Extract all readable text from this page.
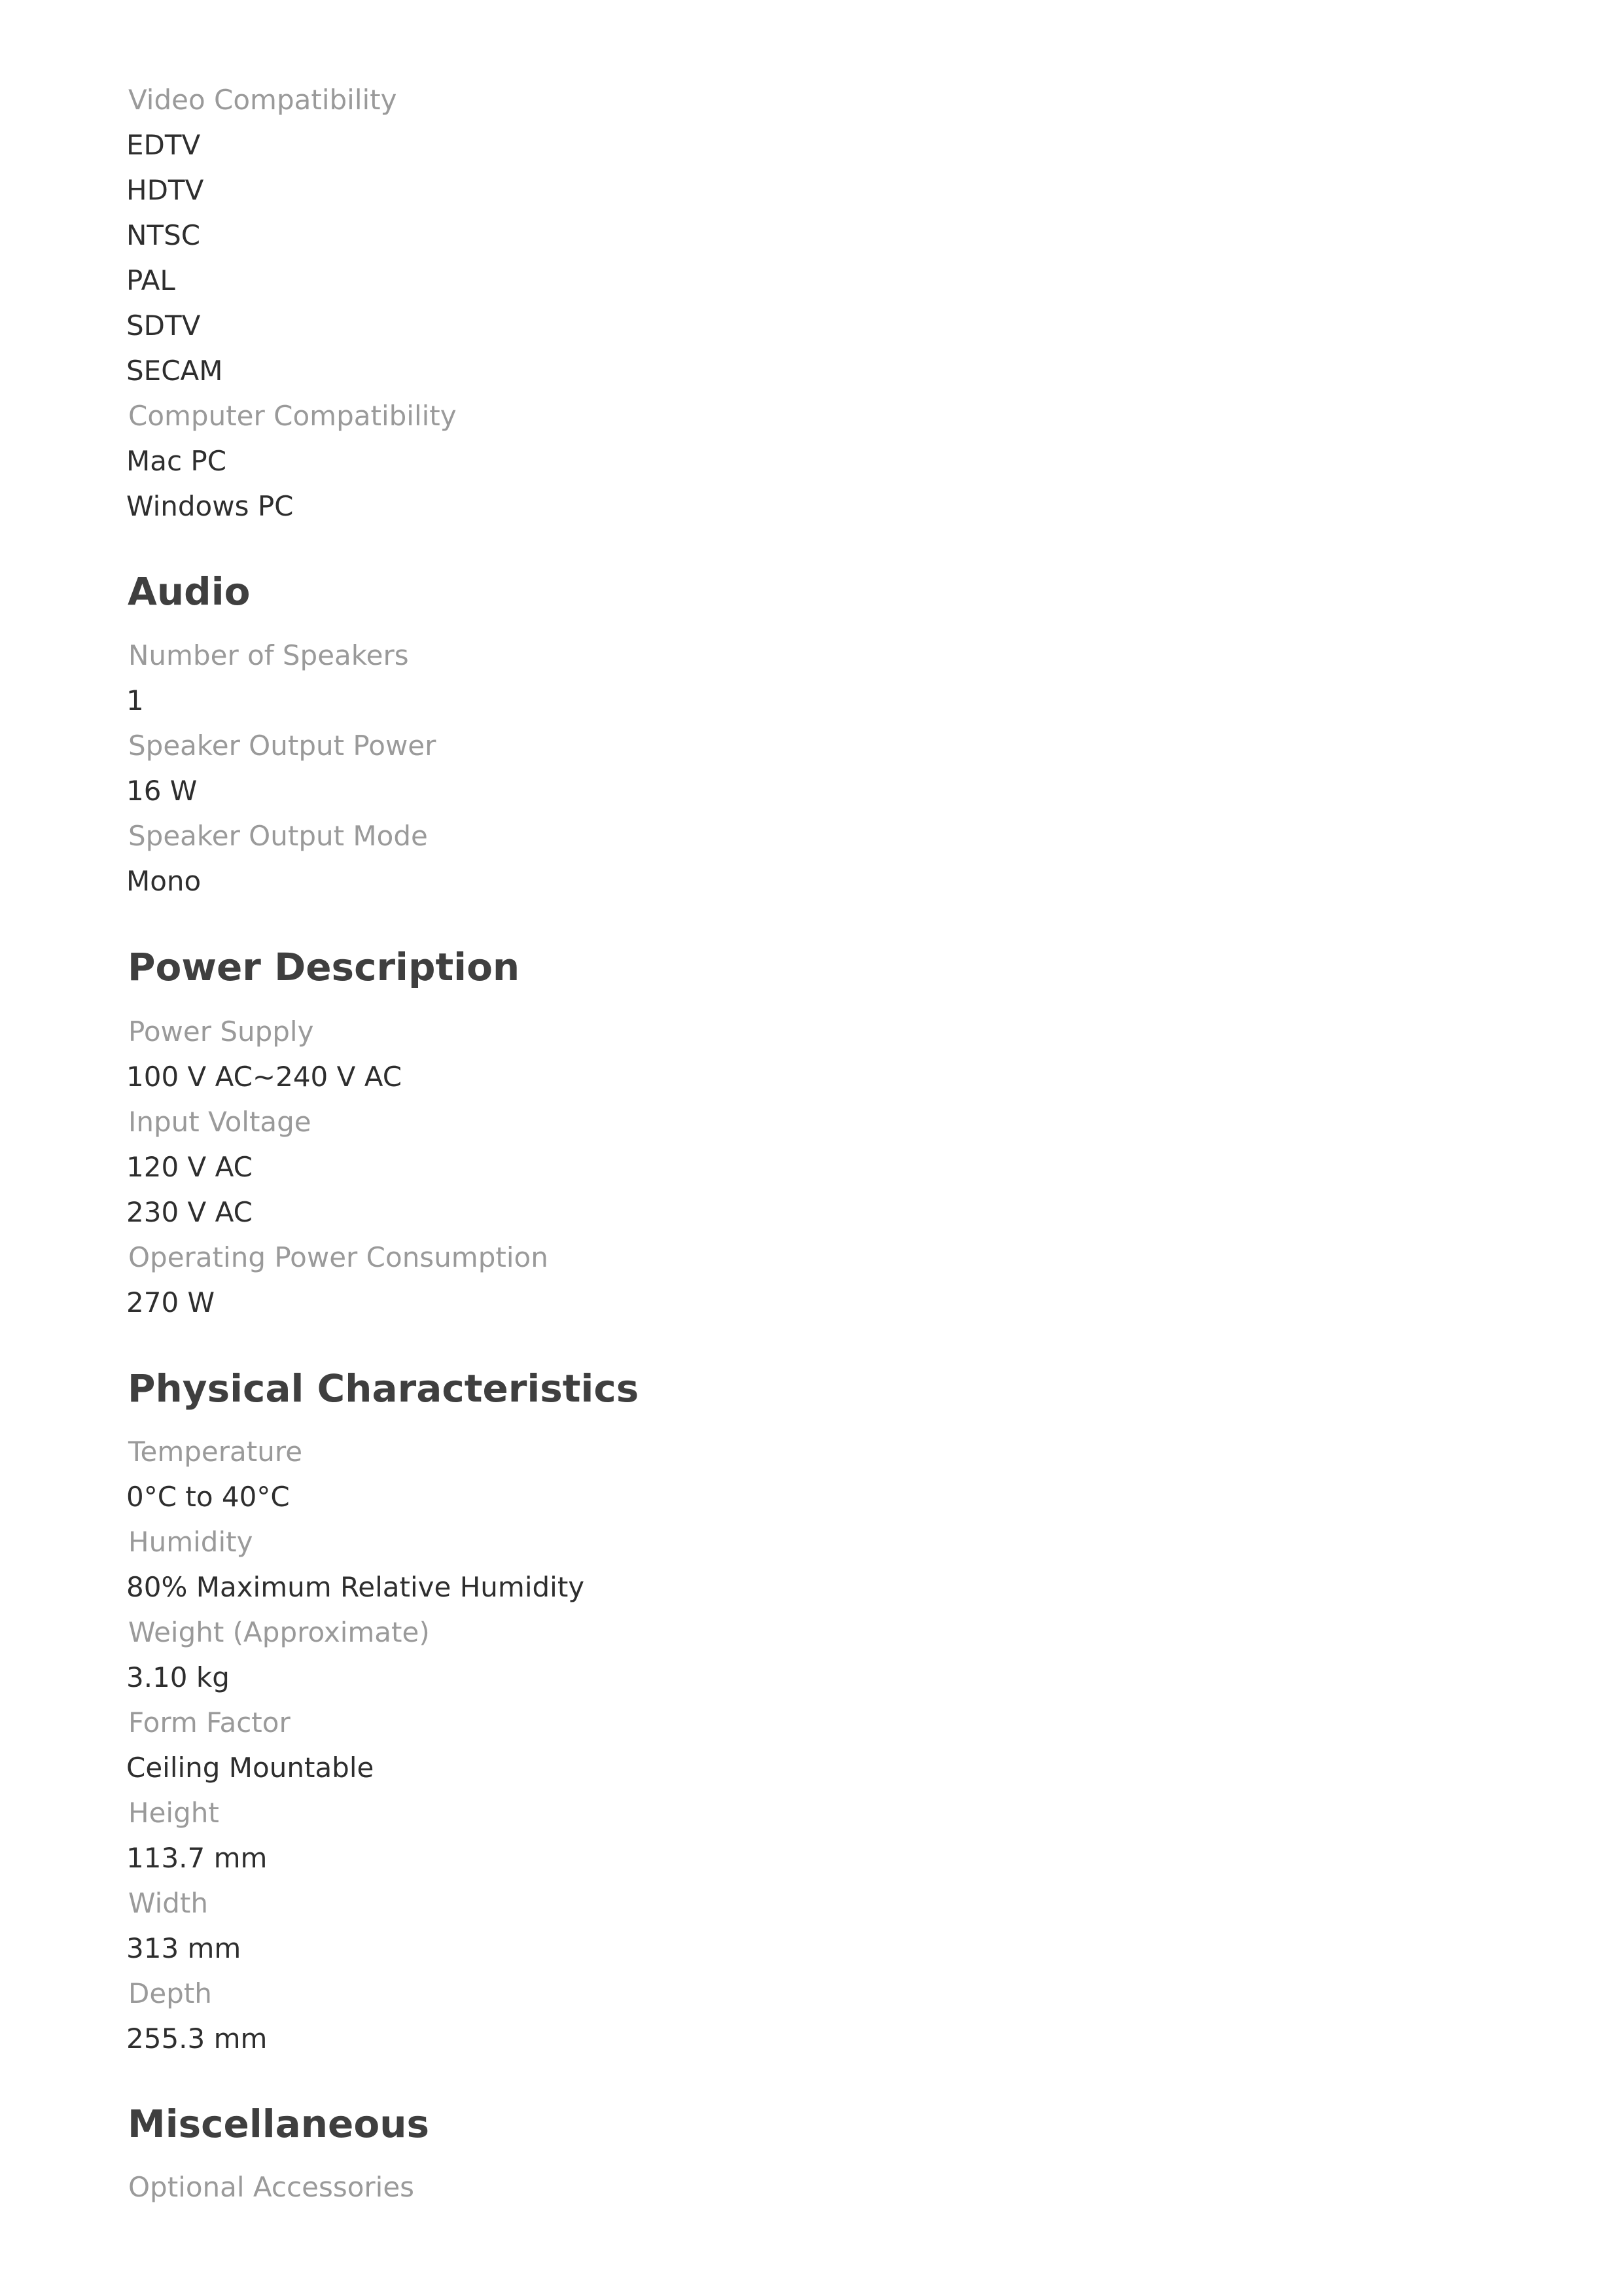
Video Compatibility
EDTV
HDTV
NTSC
PAL
SDTV
SECAM
Computer Compatibility
Mac PC
Windows PC
Audio
Number of Speakers
1
Speaker Output Power
16 W
Speaker Output Mode
Mono
Power Description
Power Supply
100 V AC~240 V AC
Input Voltage
120 V AC
230 V AC
Operating Power Consumption
270 W
Physical Characteristics
Temperature
0°C to 40°C
Humidity
80% Maximum Relative Humidity
Weight (Approximate)
3.10 kg
Form Factor
Ceiling Mountable
Height
113.7 mm
Width
313 mm
Depth
255.3 mm
Miscellaneous
Optional Accessories
